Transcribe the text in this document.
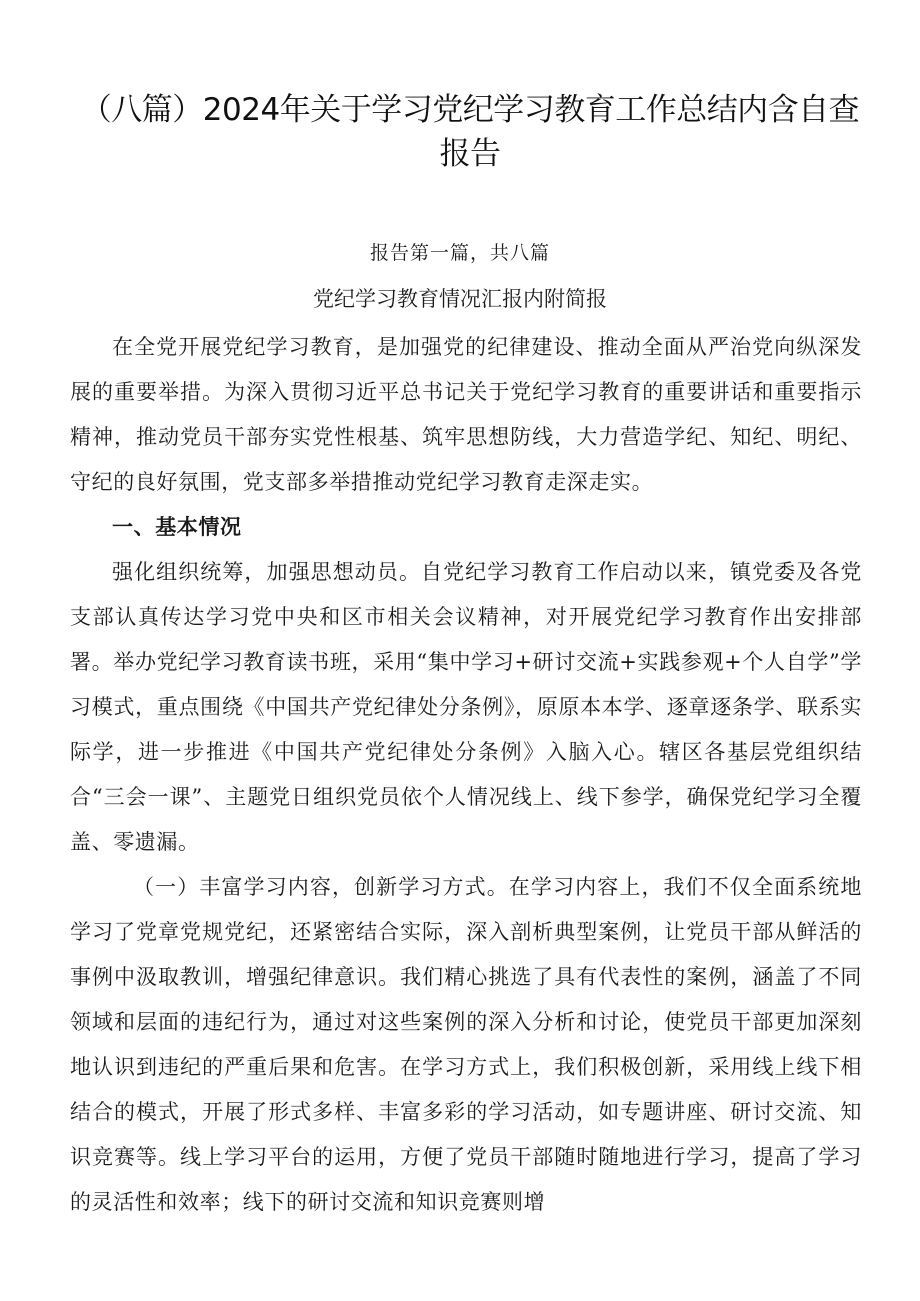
（八篇）2024年关于学习党纪学习教育工作总结内含自查报告

报告第一篇，共八篇

党纪学习教育情况汇报内附简报

在全党开展党纪学习教育，是加强党的纪律建设、推动全面从严治党向纵深发展的重要举措。为深入贯彻习近平总书记关于党纪学习教育的重要讲话和重要指示精神，推动党员干部夯实党性根基、筑牢思想防线，大力营造学纪、知纪、明纪、守纪的良好氛围，党支部多举措推动党纪学习教育走深走实。

一、基本情况

强化组织统筹，加强思想动员。自党纪学习教育工作启动以来，镇党委及各党支部认真传达学习党中央和区市相关会议精神，对开展党纪学习教育作出安排部署。举办党纪学习教育读书班，采用“集中学习+研讨交流+实践参观+个人自学”学习模式，重点围绕《中国共产党纪律处分条例》，原原本本学、逐章逐条学、联系实际学，进一步推进《中国共产党纪律处分条例》入脑入心。辖区各基层党组织结合“三会一课”、主题党日组织党员依个人情况线上、线下参学，确保党纪学习全覆盖、零遗漏。

（一）丰富学习内容，创新学习方式。在学习内容上，我们不仅全面系统地学习了党章党规党纪，还紧密结合实际，深入剖析典型案例，让党员干部从鲜活的事例中汲取教训，增强纪律意识。我们精心挑选了具有代表性的案例，涵盖了不同领域和层面的违纪行为，通过对这些案例的深入分析和讨论，使党员干部更加深刻地认识到违纪的严重后果和危害。在学习方式上，我们积极创新，采用线上线下相结合的模式，开展了形式多样、丰富多彩的学习活动，如专题讲座、研讨交流、知识竞赛等。线上学习平台的运用，方便了党员干部随时随地进行学习，提高了学习的灵活性和效率；线下的研讨交流和知识竞赛则增
